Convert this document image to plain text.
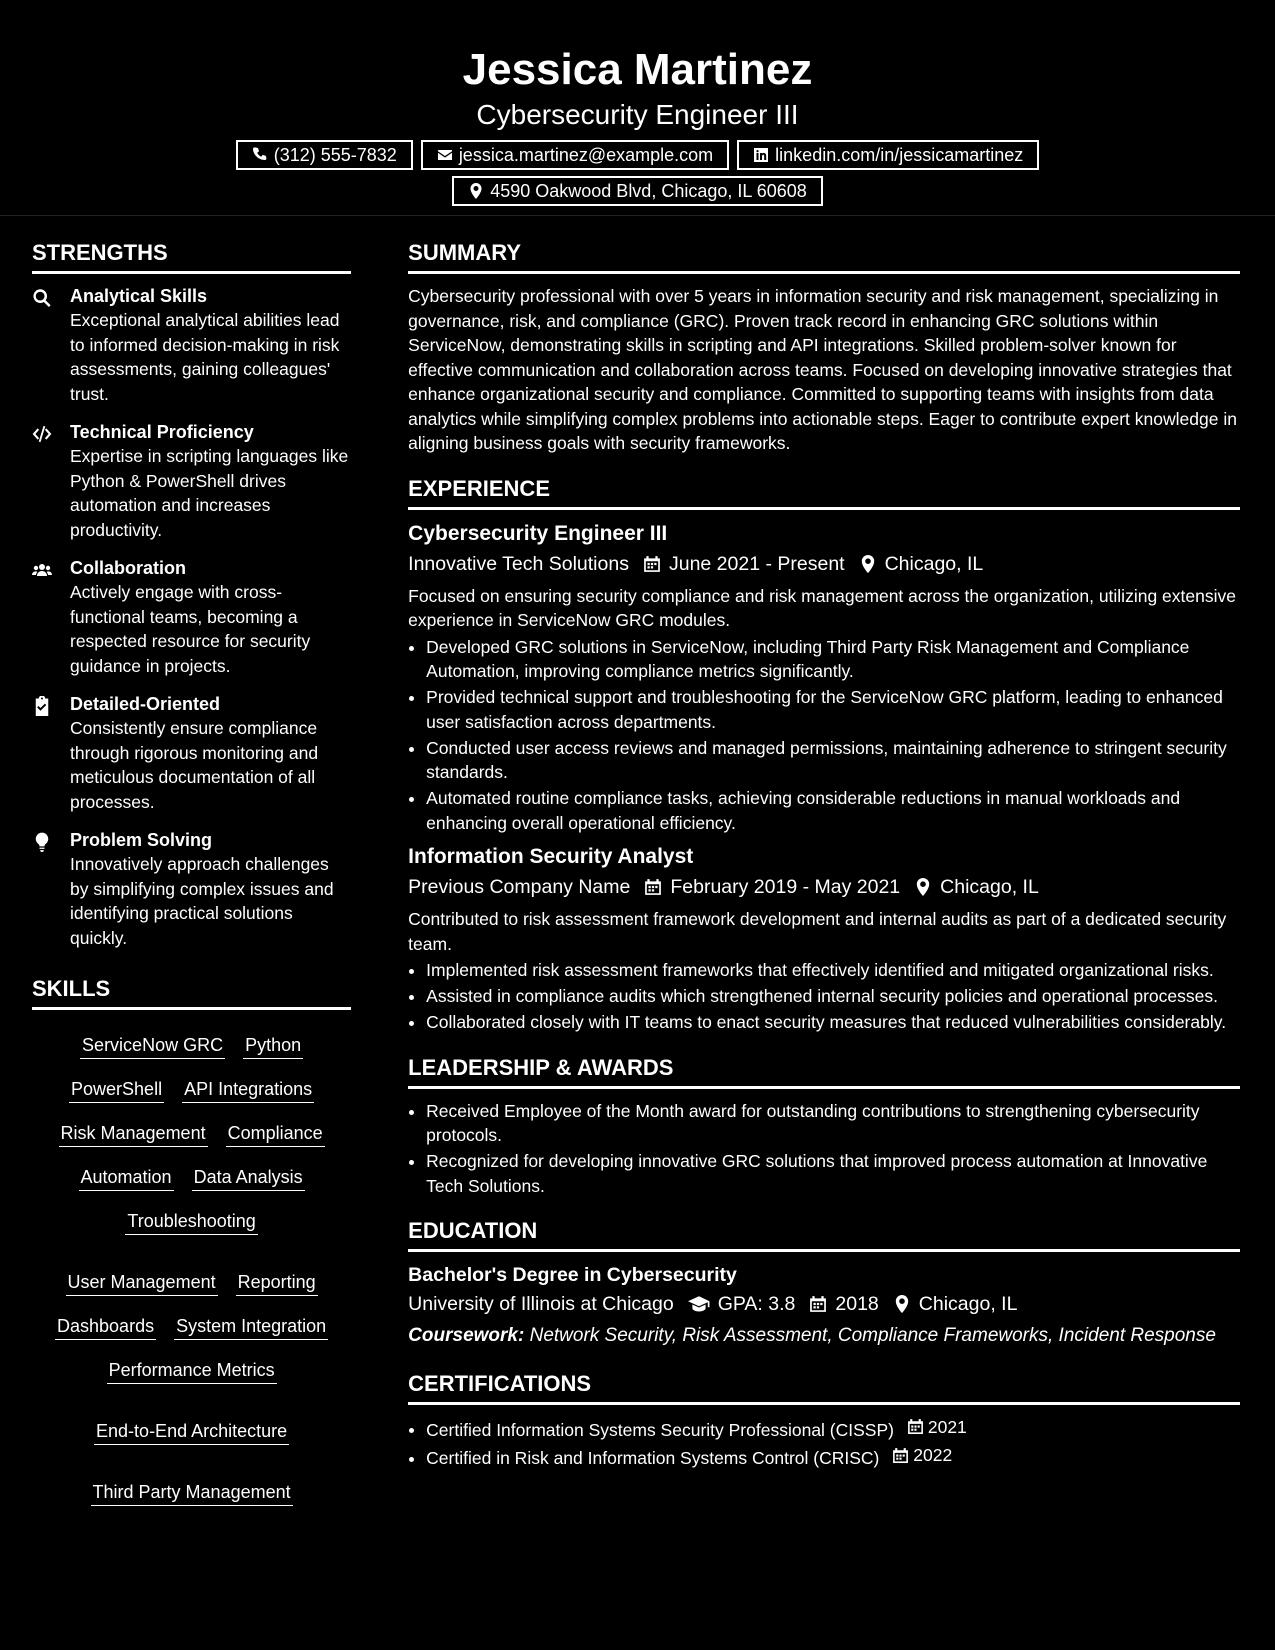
Jessica Martinez
Cybersecurity Engineer III
(312) 555-7832	jessica.martinez@example.com	linkedin.com/in/jessicamartinez
4590 Oakwood Blvd, Chicago, IL 60608
STRENGTHS
Analytical Skills
Exceptional analytical abilities lead to informed decision-making in risk assessments, gaining colleagues' trust.
Technical Proficiency
Expertise in scripting languages like Python & PowerShell drives automation and increases productivity.
Collaboration
Actively engage with cross-functional teams, becoming a respected resource for security guidance in projects.
Detailed-Oriented
Consistently ensure compliance through rigorous monitoring and meticulous documentation of all processes.
Problem Solving
Innovatively approach challenges by simplifying complex issues and identifying practical solutions quickly.
SKILLS
ServiceNow GRC Python
PowerShell API Integrations
Risk Management Compliance
Automation Data Analysis
Troubleshooting
User Management Reporting
Dashboards System Integration
Performance Metrics
End-to-End Architecture
Third Party Management
SUMMARY
Cybersecurity professional with over 5 years in information security and risk management, specializing in governance, risk, and compliance (GRC). Proven track record in enhancing GRC solutions within ServiceNow, demonstrating skills in scripting and API integrations. Skilled problem-solver known for effective communication and collaboration across teams. Focused on developing innovative strategies that enhance organizational security and compliance. Committed to supporting teams with insights from data analytics while simplifying complex problems into actionable steps. Eager to contribute expert knowledge in aligning business goals with security frameworks.
EXPERIENCE
Cybersecurity Engineer III
Innovative Tech Solutions June 2021 - Present Chicago, IL
Focused on ensuring security compliance and risk management across the organization, utilizing extensive experience in ServiceNow GRC modules.
• Developed GRC solutions in ServiceNow, including Third Party Risk Management and Compliance Automation, improving compliance metrics significantly.
• Provided technical support and troubleshooting for the ServiceNow GRC platform, leading to enhanced user satisfaction across departments.
• Conducted user access reviews and managed permissions, maintaining adherence to stringent security standards.
• Automated routine compliance tasks, achieving considerable reductions in manual workloads and enhancing overall operational efficiency.
Information Security Analyst
Previous Company Name February 2019 - May 2021 Chicago, IL
Contributed to risk assessment framework development and internal audits as part of a dedicated security team.
• Implemented risk assessment frameworks that effectively identified and mitigated organizational risks.
• Assisted in compliance audits which strengthened internal security policies and operational processes.
• Collaborated closely with IT teams to enact security measures that reduced vulnerabilities considerably.
LEADERSHIP & AWARDS
• Received Employee of the Month award for outstanding contributions to strengthening cybersecurity protocols.
• Recognized for developing innovative GRC solutions that improved process automation at Innovative Tech Solutions.
EDUCATION
Bachelor's Degree in Cybersecurity
University of Illinois at Chicago GPA: 3.8 2018 Chicago, IL
Coursework: Network Security, Risk Assessment, Compliance Frameworks, Incident Response
CERTIFICATIONS
• Certified Information Systems Security Professional (CISSP) 2021
• Certified in Risk and Information Systems Control (CRISC) 2022
